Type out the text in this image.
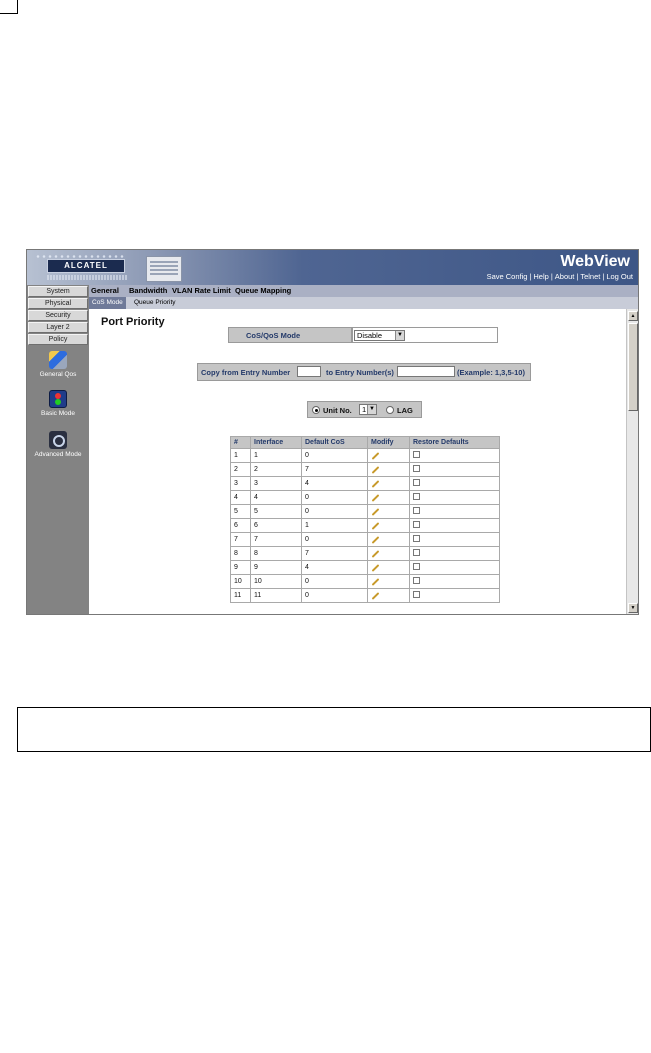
ALCATEL	WebView
Save Config | Help | About | Telnet | Log Out
System
Physical
Security
Layer 2
Policy
General Qos
Basic Mode
Advanced Mode
General Bandwidth VLAN Rate Limit Queue Mapping
CoS Mode	Queue Priority
Port Priority
CoS/QoS Mode	Disable	▼
Copy from Entry Number	to Entry Number(s)	(Example: 1,3,5-10)
Unit No.	LAG
1 ▼
#	Interface	Default CoS	Modify	Restore Defaults
1	1	0		
2	2	7		
3	3	4		
4	4	0		
5	5	0		
6	6	1		
7	7	0		
8	8	7		
9	9	4		
10	10	0		
11	11	0		
▲
▼
